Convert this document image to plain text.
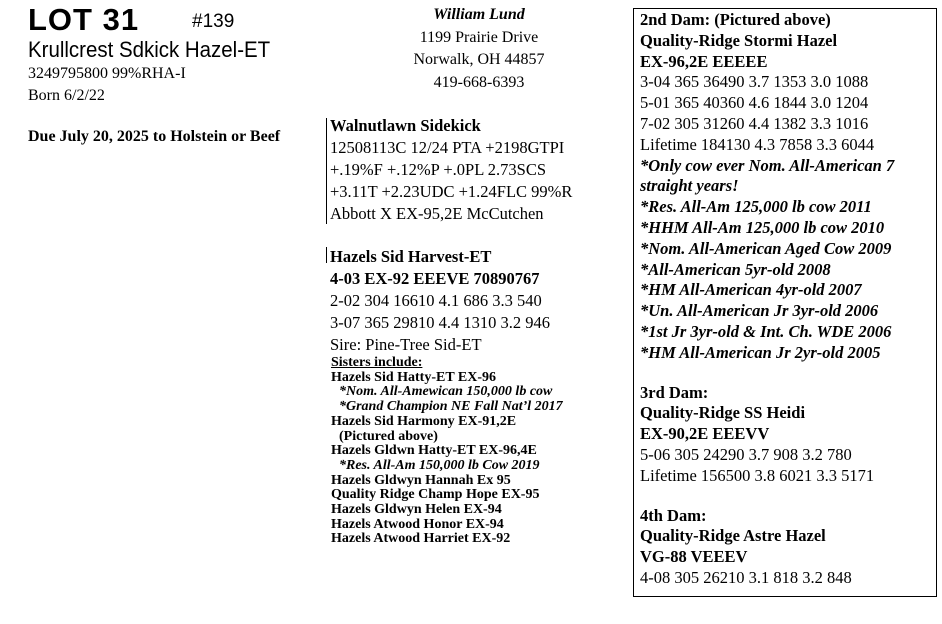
LOT 31	#139
Krullcrest Sdkick Hazel-ET
3249795800 99%RHA-I
Born 6/2/22
Due July 20, 2025 to Holstein or Beef
William Lund
1199 Prairie Drive
Norwalk, OH 44857
419-668-6393
Walnutlawn Sidekick
12508113C 12/24 PTA +2198GTPI
+.19%F +.12%P +.0PL 2.73SCS
+3.11T +2.23UDC +1.24FLC 99%R
Abbott X EX-95,2E McCutchen
Hazels Sid Harvest-ET
4-03 EX-92 EEEVE 70890767
2-02 304 16610 4.1 686 3.3 540
3-07 365 29810 4.4 1310 3.2 946
Sire: Pine-Tree Sid-ET
Sisters include:
Hazels Sid Hatty-ET EX-96
*Nom. All-Amewican 150,000 lb cow
*Grand Champion NE Fall Nat’l 2017
Hazels Sid Harmony EX-91,2E
(Pictured above)
Hazels Gldwn Hatty-ET EX-96,4E
*Res. All-Am 150,000 lb Cow 2019
Hazels Gldwyn Hannah Ex 95
Quality Ridge Champ Hope EX-95
Hazels Gldwyn Helen EX-94
Hazels Atwood Honor EX-94
Hazels Atwood Harriet EX-92
2nd Dam: (Pictured above)
Quality-Ridge Stormi Hazel
EX-96,2E EEEEE
3-04 365 36490 3.7 1353 3.0 1088
5-01 365 40360 4.6 1844 3.0 1204
7-02 305 31260 4.4 1382 3.3 1016
Lifetime 184130 4.3 7858 3.3 6044
*Only cow ever Nom. All-American 7
straight years!
*Res. All-Am 125,000 lb cow 2011
*HHM All-Am 125,000 lb cow 2010
*Nom. All-American Aged Cow 2009
*All-American 5yr-old 2008
*HM All-American 4yr-old 2007
*Un. All-American Jr 3yr-old 2006
*1st Jr 3yr-old & Int. Ch. WDE 2006
*HM All-American Jr 2yr-old 2005
3rd Dam:
Quality-Ridge SS Heidi
EX-90,2E EEEVV
5-06 305 24290 3.7 908 3.2 780
Lifetime 156500 3.8 6021 3.3 5171
4th Dam:
Quality-Ridge Astre Hazel
VG-88 VEEEV
4-08 305 26210 3.1 818 3.2 848
